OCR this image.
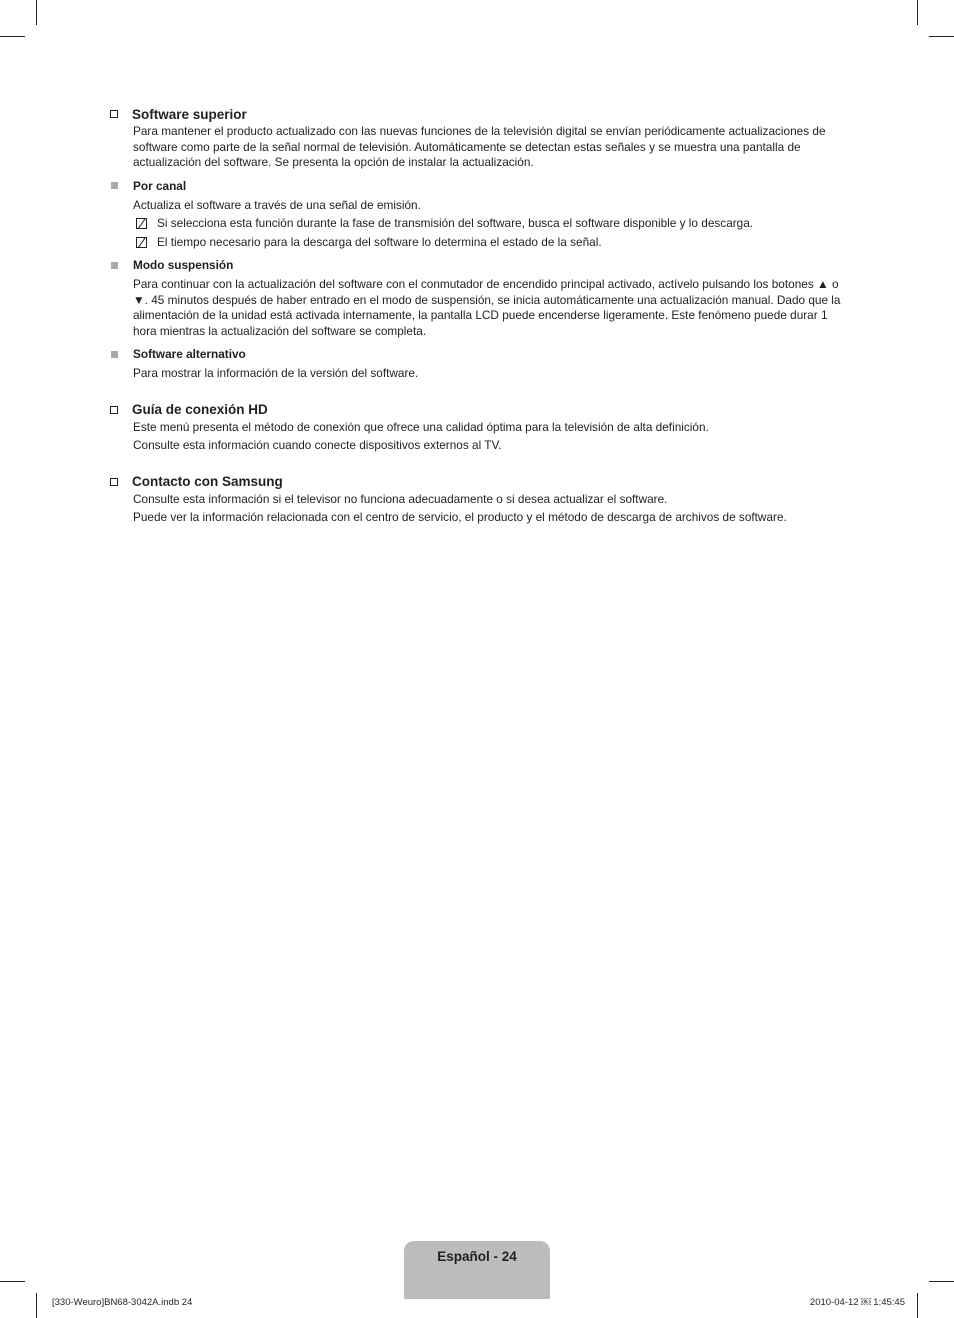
Software superior

Para mantener el producto actualizado con las nuevas funciones de la televisión digital se envían periódicamente actualizaciones de software como parte de la señal normal de televisión. Automáticamente se detectan estas señales y se muestra una pantalla de actualización del software. Se presenta la opción de instalar la actualización.

Por canal

Actualiza el software a través de una señal de emisión.

Si selecciona esta función durante la fase de transmisión del software, busca el software disponible y lo descarga.
El tiempo necesario para la descarga del software lo determina el estado de la señal.
Modo suspensión

Para continuar con la actualización del software con el conmutador de encendido principal activado, actívelo pulsando los botones ▲ o ▼. 45 minutos después de haber entrado en el modo de suspensión, se inicia automáticamente una actualización manual. Dado que la alimentación de la unidad está activada internamente, la pantalla LCD puede encenderse ligeramente. Este fenómeno puede durar 1 hora mientras la actualización del software se completa.

Software alternativo

Para mostrar la información de la versión del software.

Guía de conexión HD

Este menú presenta el método de conexión que ofrece una calidad óptima para la televisión de alta definición.

Consulte esta información cuando conecte dispositivos externos al TV.

Contacto con Samsung

Consulte esta información si el televisor no funciona adecuadamente o si desea actualizar el software.

Puede ver la información relacionada con el centro de servicio, el producto y el método de descarga de archivos de software.

Español - 24
[330-Weuro]BN68-3042A.indb 24	2010-04-12 ￼ 1:45:45
